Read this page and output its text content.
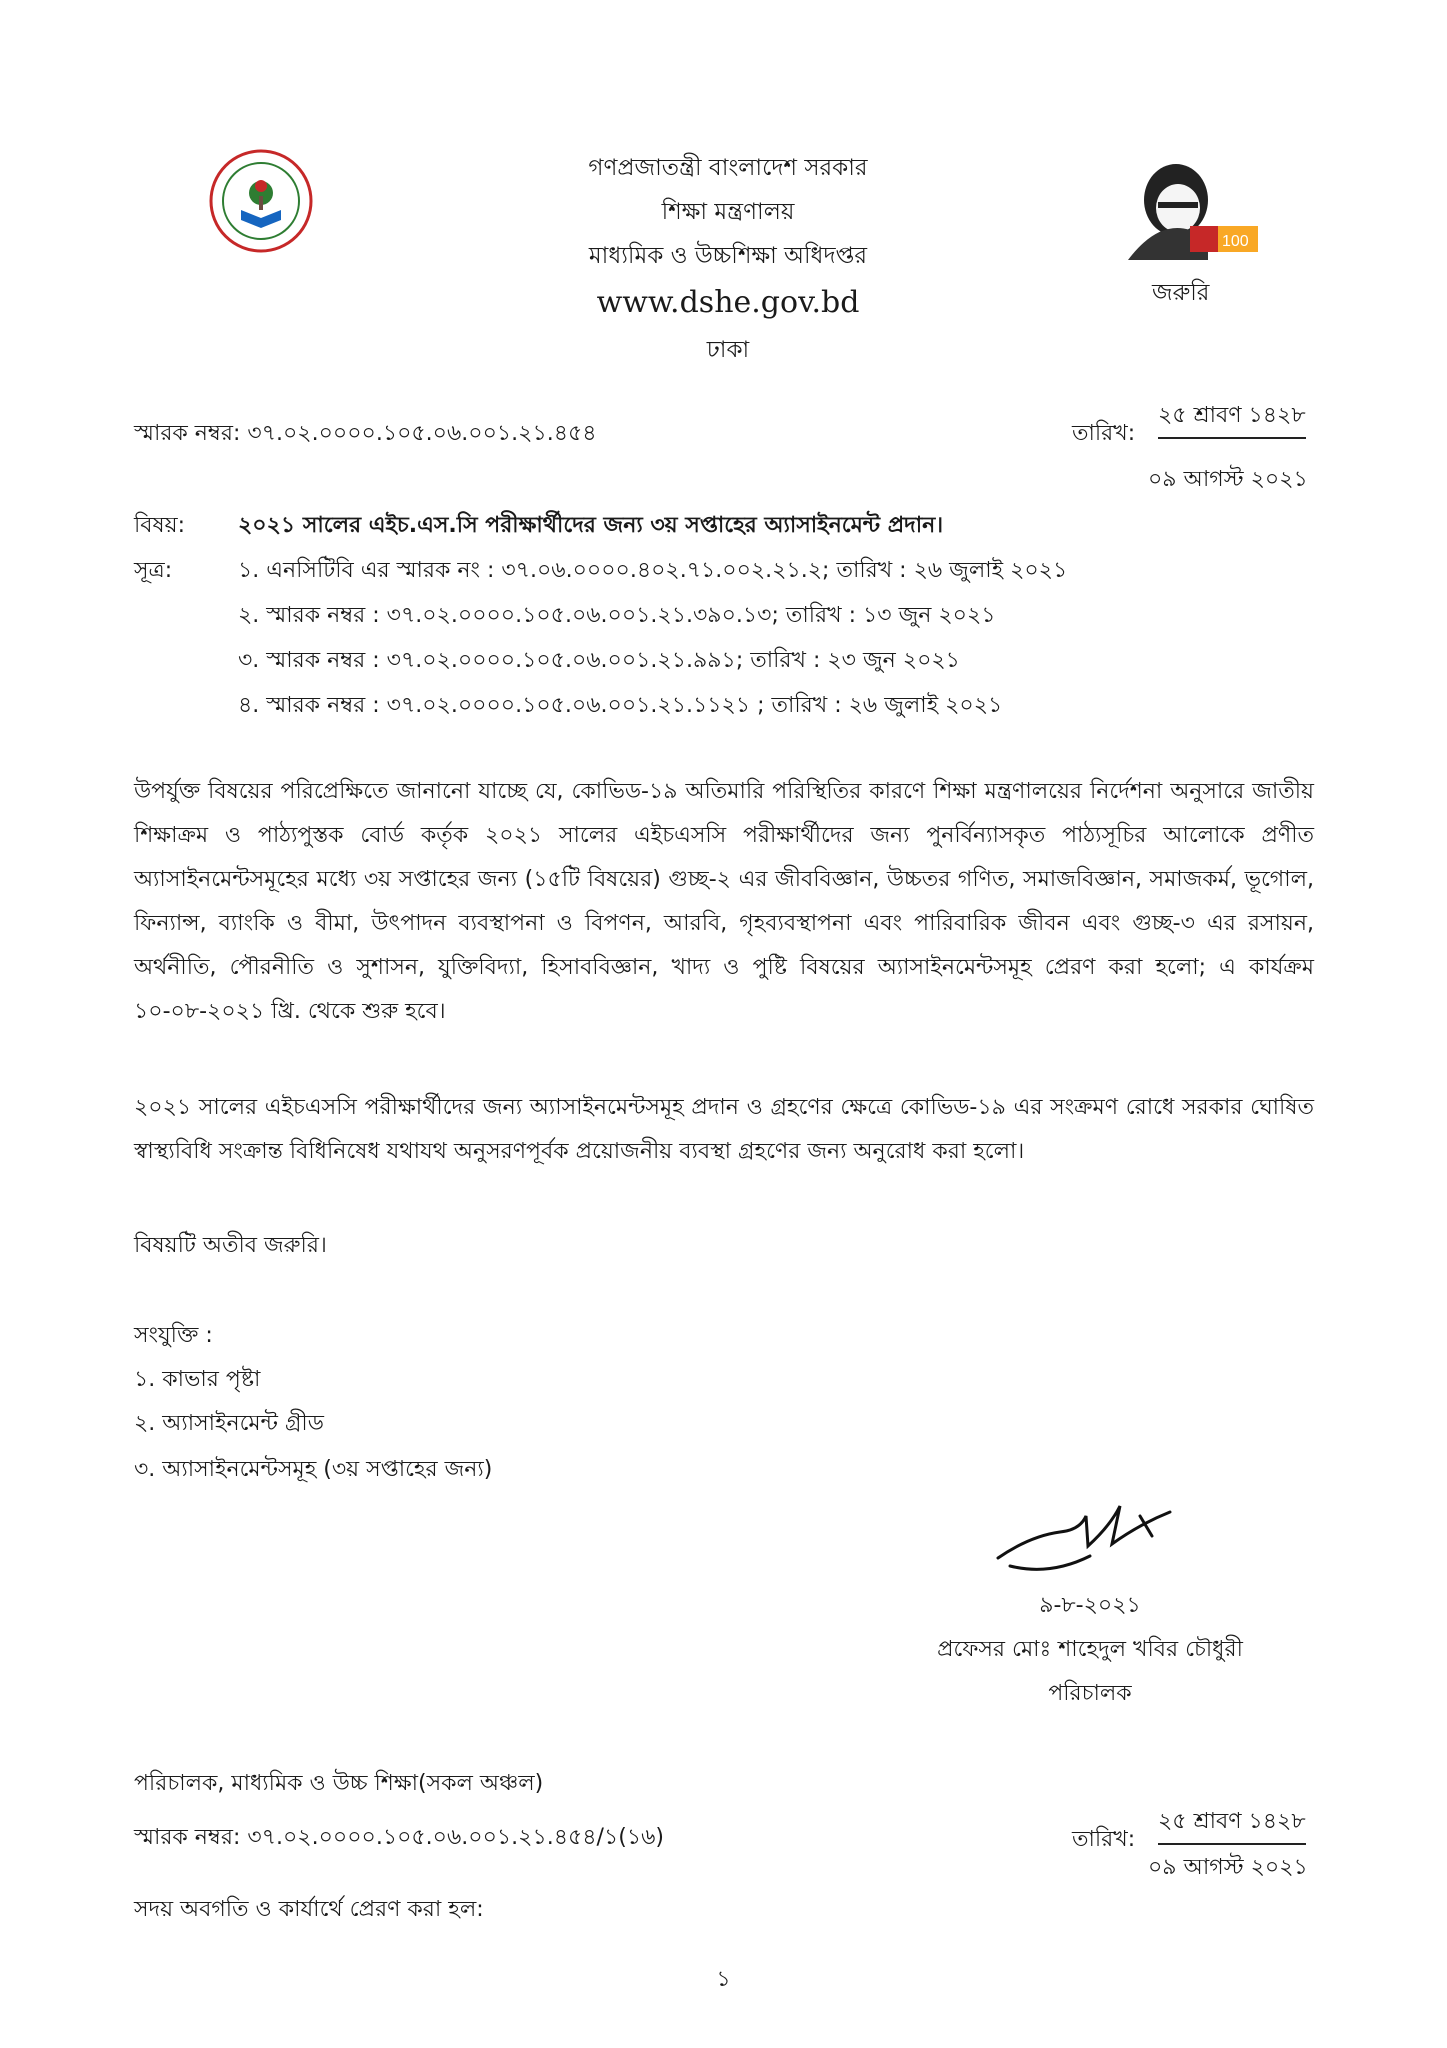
গণপ্রজাতন্ত্রী বাংলাদেশ সরকার
শিক্ষা মন্ত্রণালয়
মাধ্যমিক ও উচ্চশিক্ষা অধিদপ্তর
www.dshe.gov.bd
ঢাকা
100
জরুরি
স্মারক নম্বর: ৩৭.০২.০০০০.১০৫.০৬.০০১.২১.৪৫৪	তারিখ:
২৫ শ্রাবণ ১৪২৮
০৯ আগস্ট ২০২১
বিষয়: ২০২১ সালের এইচ.এস.সি পরীক্ষার্থীদের জন্য ৩য় সপ্তাহের অ্যাসাইনমেন্ট প্রদান।
সূত্র:	১. এনসিটিবি এর স্মারক নং : ৩৭.০৬.০০০০.৪০২.৭১.০০২.২১.২; তারিখ : ২৬ জুলাই ২০২১
২. স্মারক নম্বর : ৩৭.০২.০০০০.১০৫.০৬.০০১.২১.৩৯০.১৩; তারিখ : ১৩ জুন ২০২১
৩. স্মারক নম্বর : ৩৭.০২.০০০০.১০৫.০৬.০০১.২১.৯৯১; তারিখ : ২৩ জুন ২০২১
৪. স্মারক নম্বর : ৩৭.০২.০০০০.১০৫.০৬.০০১.২১.১১২১ ; তারিখ : ২৬ জুলাই ২০২১
উপর্যুক্ত বিষয়ের পরিপ্রেক্ষিতে জানানো যাচ্ছে যে, কোভিড-১৯ অতিমারি পরিস্থিতির কারণে শিক্ষা মন্ত্রণালয়ের নির্দেশনা অনুসারে জাতীয় শিক্ষাক্রম ও পাঠ্যপুস্তক বোর্ড কর্তৃক ২০২১ সালের এইচএসসি পরীক্ষার্থীদের জন্য পুনর্বিন্যাসকৃত পাঠ্যসূচির আলোকে প্রণীত অ্যাসাইনমেন্টসমূহের মধ্যে ৩য় সপ্তাহের জন্য (১৫টি বিষয়ের) গুচ্ছ-২ এর জীববিজ্ঞান, উচ্চতর গণিত, সমাজবিজ্ঞান, সমাজকর্ম, ভূগোল, ফিন্যান্স, ব্যাংকি ও বীমা, উৎপাদন ব্যবস্থাপনা ও বিপণন, আরবি, গৃহব্যবস্থাপনা এবং পারিবারিক জীবন এবং গুচ্ছ-৩ এর রসায়ন, অর্থনীতি, পৌরনীতি ও সুশাসন, যুক্তিবিদ্যা, হিসাববিজ্ঞান, খাদ্য ও পুষ্টি বিষয়ের অ্যাসাইনমেন্টসমূহ প্রেরণ করা হলো; এ কার্যক্রম ১০-০৮-২০২১ খ্রি. থেকে শুরু হবে।
২০২১ সালের এইচএসসি পরীক্ষার্থীদের জন্য অ্যাসাইনমেন্টসমূহ প্রদান ও গ্রহণের ক্ষেত্রে কোভিড-১৯ এর সংক্রমণ রোধে সরকার ঘোষিত স্বাস্থ্যবিধি সংক্রান্ত বিধিনিষেধ যথাযথ অনুসরণপূর্বক প্রয়োজনীয় ব্যবস্থা গ্রহণের জন্য অনুরোধ করা হলো।
বিষয়টি অতীব জরুরি।
সংযুক্তি :
১. কাভার পৃষ্টা
২. অ্যাসাইনমেন্ট গ্রীড
৩. অ্যাসাইনমেন্টসমূহ (৩য় সপ্তাহের জন্য)
৯-৮-২০২১
প্রফেসর মোঃ শাহেদুল খবির চৌধুরী
পরিচালক
পরিচালক, মাধ্যমিক ও উচ্চ শিক্ষা(সকল অঞ্চল)
স্মারক নম্বর: ৩৭.০২.০০০০.১০৫.০৬.০০১.২১.৪৫৪/১(১৬)	তারিখ:
২৫ শ্রাবণ ১৪২৮
০৯ আগস্ট ২০২১
সদয় অবগতি ও কার্যার্থে প্রেরণ করা হল:
১
